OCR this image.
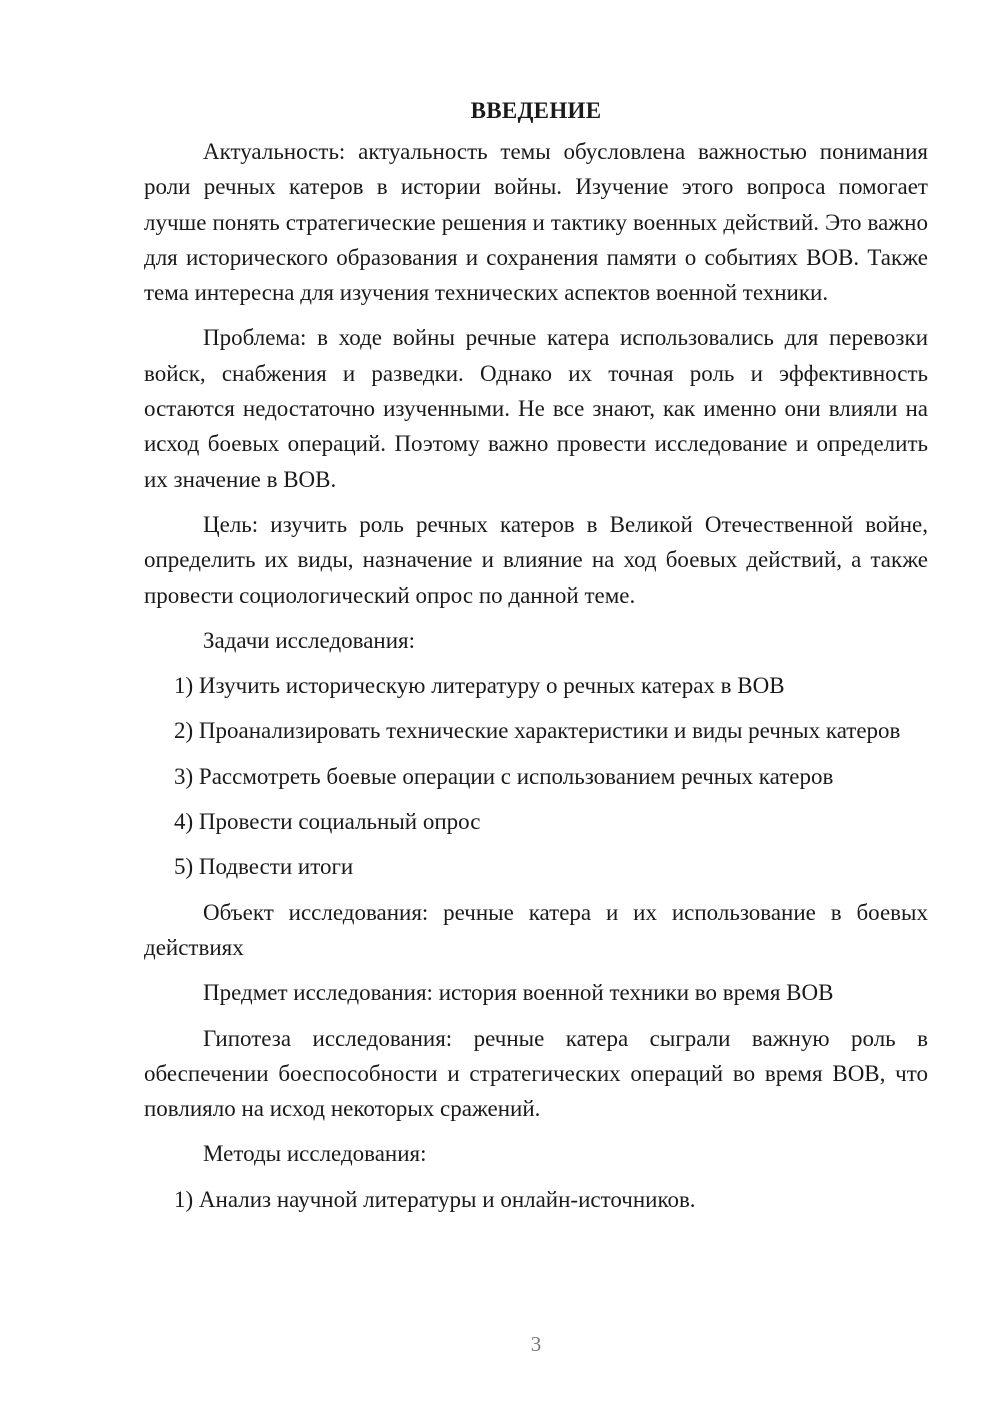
ВВЕДЕНИЕ

Актуальность: актуальность темы обусловлена важностью понимания роли речных катеров в истории войны. Изучение этого вопроса помогает лучше понять стратегические решения и тактику военных действий. Это важно для исторического образования и сохранения памяти о событиях ВОВ. Также тема интересна для изучения технических аспектов военной техники.

Проблема: в ходе войны речные катера использовались для перевозки войск, снабжения и разведки. Однако их точная роль и эффективность остаются недостаточно изученными. Не все знают, как именно они влияли на исход боевых операций. Поэтому важно провести исследование и определить их значение в ВОВ.

Цель: изучить роль речных катеров в Великой Отечественной войне, определить их виды, назначение и влияние на ход боевых действий, а также провести социологический опрос по данной теме.

Задачи исследования:

1) Изучить историческую литературу о речных катерах в ВОВ

2) Проанализировать технические характеристики и виды речных катеров

3) Рассмотреть боевые операции с использованием речных катеров

4) Провести социальный опрос

5) Подвести итоги

Объект исследования: речные катера и их использование в боевых действиях

Предмет исследования: история военной техники во время ВОВ

Гипотеза исследования: речные катера сыграли важную роль в обеспечении боеспособности и стратегических операций во время ВОВ, что повлияло на исход некоторых сражений.

Методы исследования:

1) Анализ научной литературы и онлайн-источников.

3
